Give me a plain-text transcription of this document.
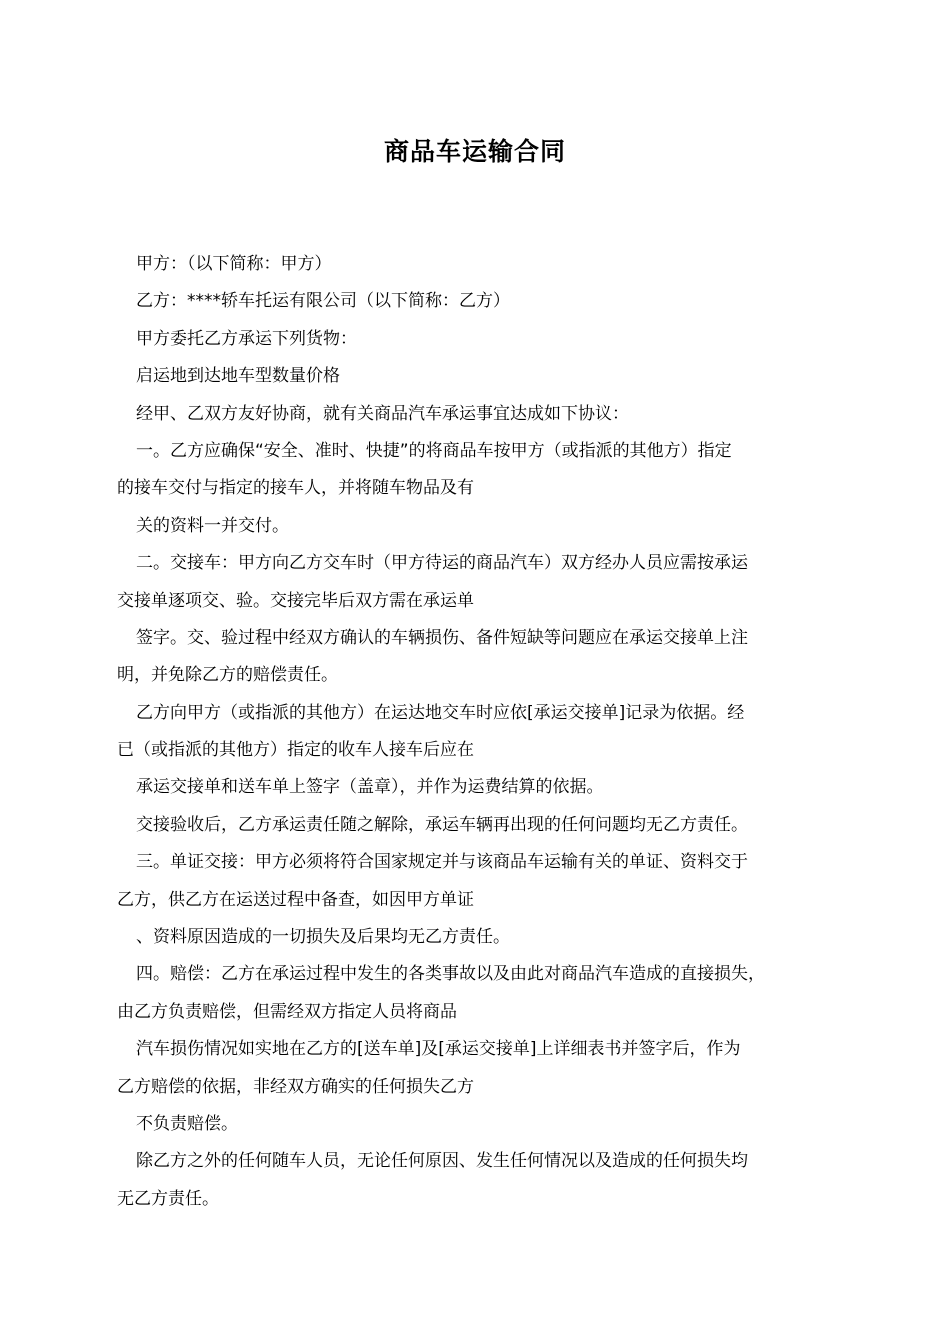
商品车运输合同
甲方：（以下简称：甲方）
乙方：****轿车托运有限公司（以下简称：乙方）
甲方委托乙方承运下列货物：
启运地到达地车型数量价格
经甲、乙双方友好协商，就有关商品汽车承运事宜达成如下协议：
一。乙方应确保“安全、准时、快捷”的将商品车按甲方（或指派的其他方）指定
的接车交付与指定的接车人，并将随车物品及有
关的资料一并交付。
二。交接车：甲方向乙方交车时（甲方待运的商品汽车）双方经办人员应需按承运
交接单逐项交、验。交接完毕后双方需在承运单
签字。交、验过程中经双方确认的车辆损伤、备件短缺等问题应在承运交接单上注
明，并免除乙方的赔偿责任。
乙方向甲方（或指派的其他方）在运达地交车时应依[承运交接单]记录为依据。经
已（或指派的其他方）指定的收车人接车后应在
承运交接单和送车单上签字（盖章），并作为运费结算的依据。
交接验收后，乙方承运责任随之解除，承运车辆再出现的任何问题均无乙方责任。
三。单证交接：甲方必须将符合国家规定并与该商品车运输有关的单证、资料交于
乙方，供乙方在运送过程中备查，如因甲方单证
、资料原因造成的一切损失及后果均无乙方责任。
四。赔偿：乙方在承运过程中发生的各类事故以及由此对商品汽车造成的直接损失，
由乙方负责赔偿，但需经双方指定人员将商品
汽车损伤情况如实地在乙方的[送车单]及[承运交接单]上详细表书并签字后，作为
乙方赔偿的依据，非经双方确实的任何损失乙方
不负责赔偿。
除乙方之外的任何随车人员，无论任何原因、发生任何情况以及造成的任何损失均
无乙方责任。
